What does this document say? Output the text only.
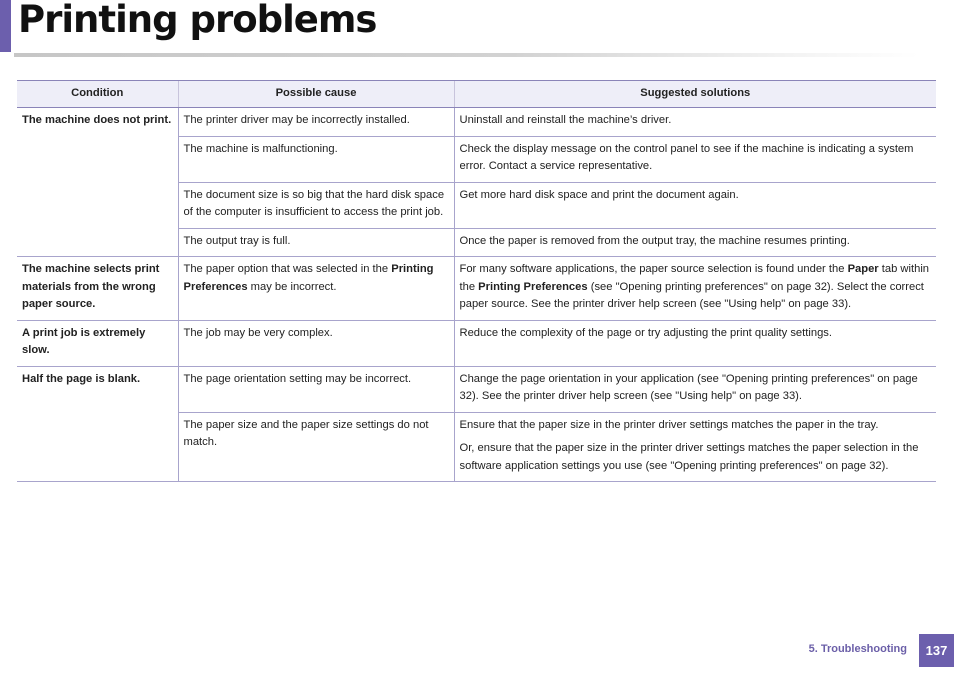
Printing problems
Condition	Possible cause	Suggested solutions
The machine does not print.	The printer driver may be incorrectly installed.	Uninstall and reinstall the machine’s driver.

	The machine is malfunctioning.	Check the display message on the control panel to see if the machine is indicating a system error. Contact a service representative.

	The document size is so big that the hard disk space of the computer is insufficient to access the print job.	Get more hard disk space and print the document again.

	The output tray is full.	Once the paper is removed from the output tray, the machine resumes printing.

The machine selects print materials from the wrong paper source.	The paper option that was selected in the Printing Preferences may be incorrect.	For many software applications, the paper source selection is found under the Paper tab within the Printing Preferences (see "Opening printing preferences" on page 32). Select the correct paper source. See the printer driver help screen (see "Using help" on page 33).

A print job is extremely slow.	The job may be very complex.	Reduce the complexity of the page or try adjusting the print quality settings.

Half the page is blank.	The page orientation setting may be incorrect.	Change the page orientation in your application (see "Opening printing preferences" on page 32). See the printer driver help screen (see "Using help" on page 33).

	The paper size and the paper size settings do not match.	Ensure that the paper size in the printer driver settings matches the paper in the tray.
Or, ensure that the paper size in the printer driver settings matches the paper selection in the software application settings you use (see "Opening printing preferences" on page 32).
5. Troubleshooting	137
